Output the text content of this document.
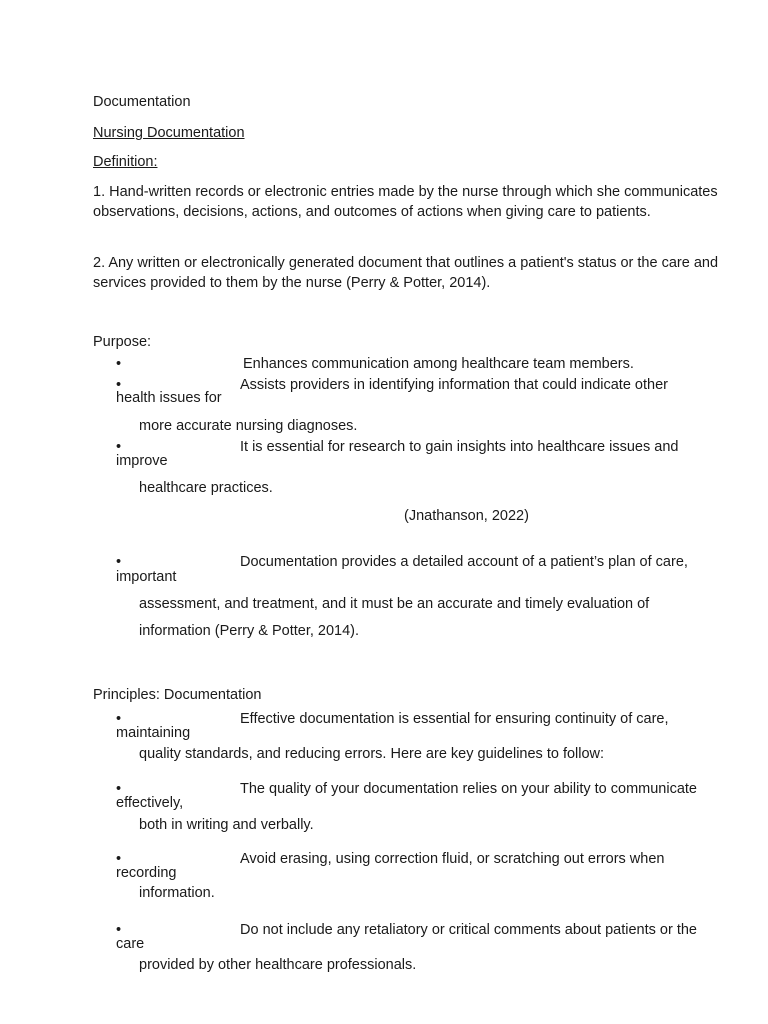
Documentation
Nursing Documentation
Definition:
1. Hand-written records or electronic entries made by the nurse through which she communicates observations, decisions, actions, and outcomes of actions when giving care to patients.
2. Any written or electronically generated document that outlines a patient's status or the care and services provided to them by the nurse (Perry & Potter, 2014).
Purpose:
•	Enhances communication among healthcare team members.
•	Assists providers in identifying information that could indicate other
health issues for
more accurate nursing diagnoses.
•	It is essential for research to gain insights into healthcare issues and
improve
healthcare practices.
(Jnathanson, 2022)
•	Documentation provides a detailed account of a patient’s plan of care,
important
assessment, and treatment, and it must be an accurate and timely evaluation of
information (Perry & Potter, 2014).
Principles: Documentation
•	Effective documentation is essential for ensuring continuity of care,
maintaining
quality standards, and reducing errors. Here are key guidelines to follow:
•	The quality of your documentation relies on your ability to communicate
effectively,
both in writing and verbally.
•	Avoid erasing, using correction fluid, or scratching out errors when
recording
information.
•	Do not include any retaliatory or critical comments about patients or the
care
provided by other healthcare professionals.
